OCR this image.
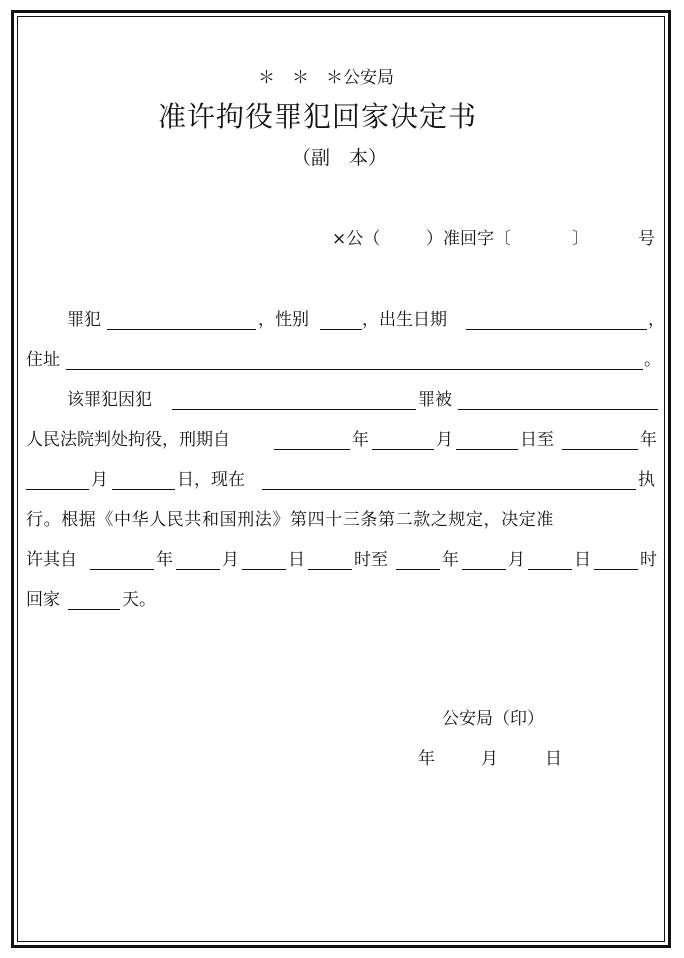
＊　＊　＊公安局
准许拘役罪犯回家决定书
（副　本）
×公（	）准回字〔	〕	号
罪犯	，性别	，出生日期	，
住址	。
该罪犯因犯	罪被
人民法院判处拘役，刑期自	年	月	日至	年
月	日，现在	执
行。根据《中华人民共和国刑法》第四十三条第二款之规定，决定准
许其自	年	月	日	时至	年	月	日	时
回家	天。
公安局（印）
年	月	日
